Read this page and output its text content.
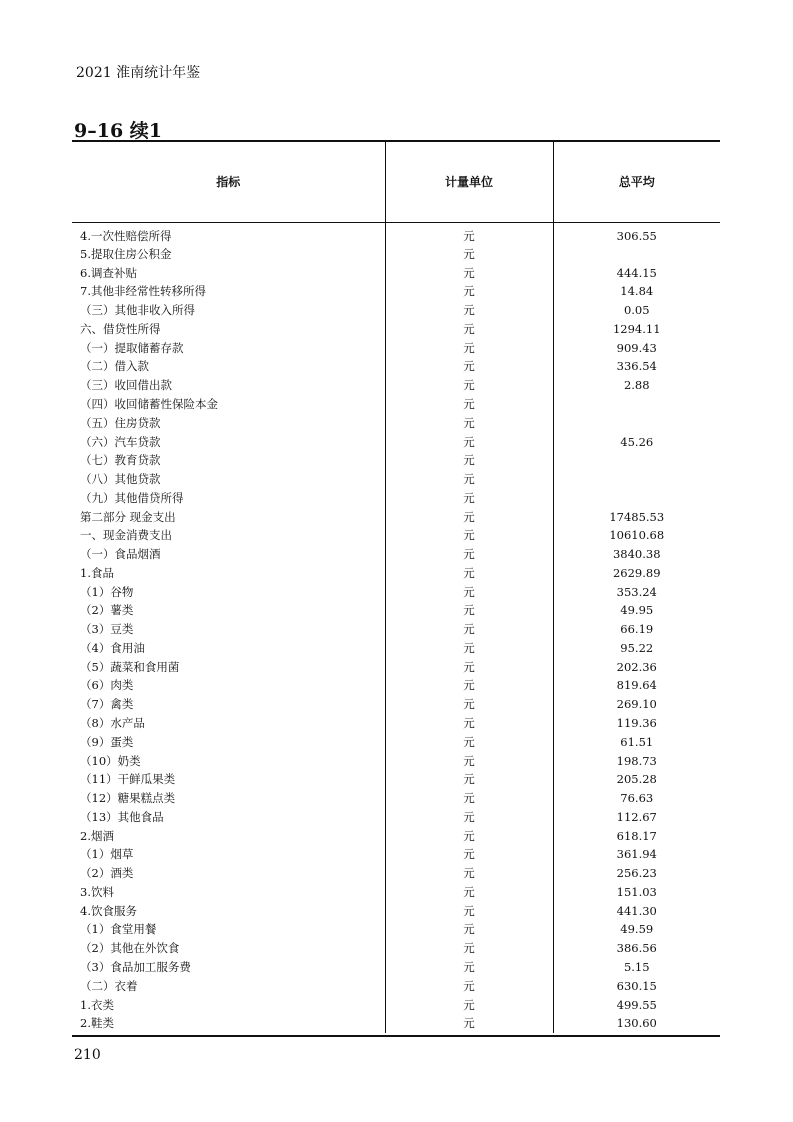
2021 淮南统计年鉴
9–16 续1
指标	计量单位	总平均
4.一次性赔偿所得	元	306.55
5.提取住房公积金	元	
6.调查补贴	元	444.15
7.其他非经常性转移所得	元	14.84
（三）其他非收入所得	元	0.05
六、借贷性所得	元	1294.11
（一）提取储蓄存款	元	909.43
（二）借入款	元	336.54
（三）收回借出款	元	2.88
（四）收回储蓄性保险本金	元	
（五）住房贷款	元	
（六）汽车贷款	元	45.26
（七）教育贷款	元	
（八）其他贷款	元	
（九）其他借贷所得	元	
第二部分 现金支出	元	17485.53
一、现金消费支出	元	10610.68
（一）食品烟酒	元	3840.38
1.食品	元	2629.89
（1）谷物	元	353.24
（2）薯类	元	49.95
（3）豆类	元	66.19
（4）食用油	元	95.22
（5）蔬菜和食用菌	元	202.36
（6）肉类	元	819.64
（7）禽类	元	269.10
（8）水产品	元	119.36
（9）蛋类	元	61.51
（10）奶类	元	198.73
（11）干鲜瓜果类	元	205.28
（12）糖果糕点类	元	76.63
（13）其他食品	元	112.67
2.烟酒	元	618.17
（1）烟草	元	361.94
（2）酒类	元	256.23
3.饮料	元	151.03
4.饮食服务	元	441.30
（1）食堂用餐	元	49.59
（2）其他在外饮食	元	386.56
（3）食品加工服务费	元	5.15
（二）衣着	元	630.15
1.衣类	元	499.55
2.鞋类	元	130.60
210
